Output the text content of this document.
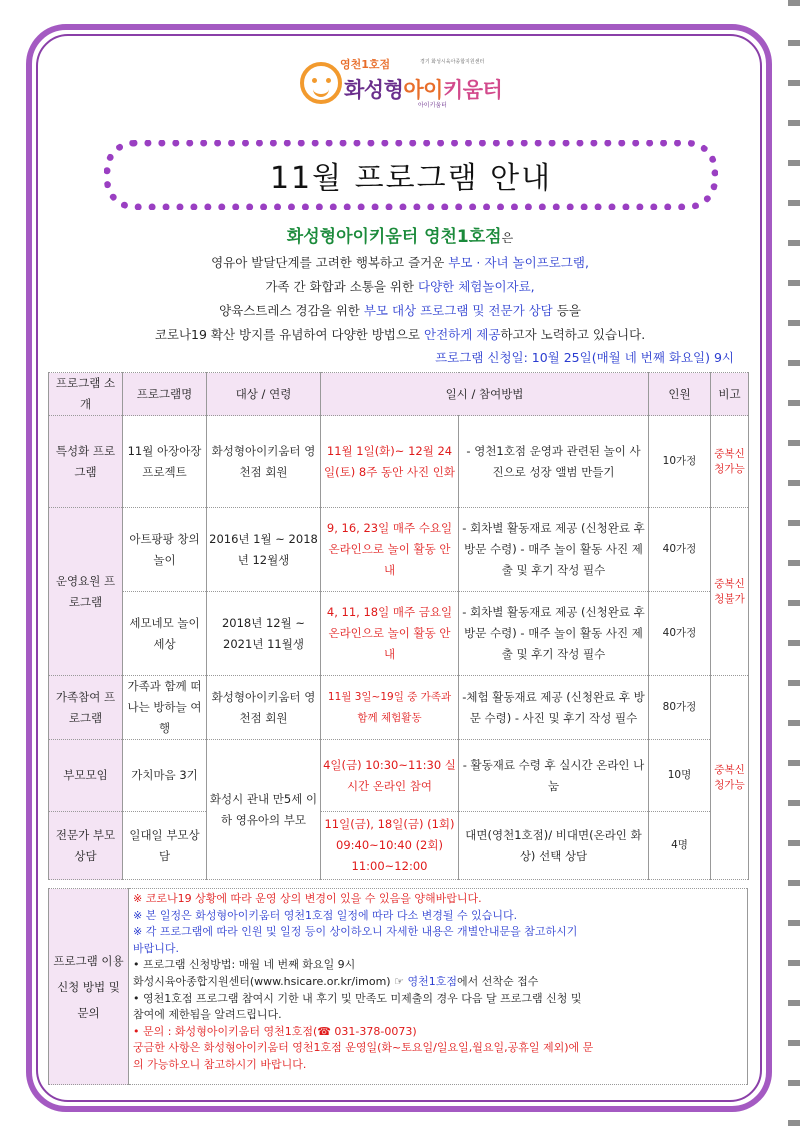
영천1호점	경기 화성시육아종합지원센터
화성형아이키움터
아이키움터
11월 프로그램 안내
화성형아이키움터 영천1호점은

영유아 발달단계를 고려한 행복하고 즐거운 부모 · 자녀 놀이프로그램,

가족 간 화합과 소통을 위한 다양한 체험놀이자료,

양육스트레스 경감을 위한 부모 대상 프로그램 및 전문가 상담 등을

코로나19 확산 방지를 유념하여 다양한 방법으로 안전하게 제공하고자 노력하고 있습니다.

프로그램 신청일: 10월 25일(매월 네 번째 화요일) 9시
프로그램 소개	프로그램명	대상 / 연령	일시 / 참여방법		인원	비고
특성화 프로그램	11월 아장아장 프로젝트	화성형아이키움터 영천점 회원	11월 1일(화)~ 12월 24일(토) 8주 동안 사진 인화	- 영천1호점 운영과 관련된 놀이 사진으로 성장 앨범 만들기	10가정	중복신청가능
운영요원 프로그램	아트팡팡 창의놀이	2016년 1월 ~ 2018년 12월생	9, 16, 23일 매주 수요일 온라인으로 놀이 활동 안내	- 회차별 활동재료 제공 (신청완료 후 방문 수령) - 매주 놀이 활동 사진 제출 및 후기 작성 필수	40가정	중복신청불가
	세모네모 놀이세상	2018년 12월 ~ 2021년 11월생	4, 11, 18일 매주 금요일 온라인으로 놀이 활동 안내	- 회차별 활동재료 제공 (신청완료 후 방문 수령) - 매주 놀이 활동 사진 제출 및 후기 작성 필수	40가정	
가족참여 프로그램	가족과 함께 떠나는 방하늘 여행	화성형아이키움터 영천점 회원	11월 3일~19일 중 가족과 함께 체험활동	-체험 활동재료 제공 (신청완료 후 방문 수령) - 사진 및 후기 작성 필수	80가정	중복신청가능
부모모임	가치마음 3기	화성시 관내 만5세 이하 영유아의 부모	4일(금) 10:30~11:30 실시간 온라인 참여	- 활동재료 수령 후 실시간 온라인 나눔	10명	
전문가 부모상담	일대일 부모상담		11일(금), 18일(금) (1회) 09:40~10:40 (2회) 11:00~12:00	대면(영천1호점)/ 비대면(온라인 화상) 선택 상담	4명	
프로그램 이용신청 방법 및 문의	
※ 코로나19 상황에 따라 운영 상의 변경이 있을 수 있음을 양해바랍니다.
※ 본 일정은 화성형아이키움터 영천1호점 일정에 따라 다소 변경될 수 있습니다.
※ 각 프로그램에 따라 인원 및 일정 등이 상이하오니 자세한 내용은 개별안내문을 참고하시기
바랍니다.
• 프로그램 신청방법: 매월 네 번째 화요일 9시
화성시육아종합지원센터(www.hsicare.or.kr/imom) ☞ 영천1호점에서 선착순 접수
• 영천1호점 프로그램 참여시 기한 내 후기 및 만족도 미제출의 경우 다음 달 프로그램 신청 및
참여에 제한됨을 알려드립니다.
• 문의 : 화성형아이키움터 영천1호점(☎ 031-378-0073)
궁금한 사항은 화성형아이키움터 영천1호점 운영일(화~토요일/일요일,월요일,공휴일 제외)에 문
의 가능하오니 참고하시기 바랍니다.
